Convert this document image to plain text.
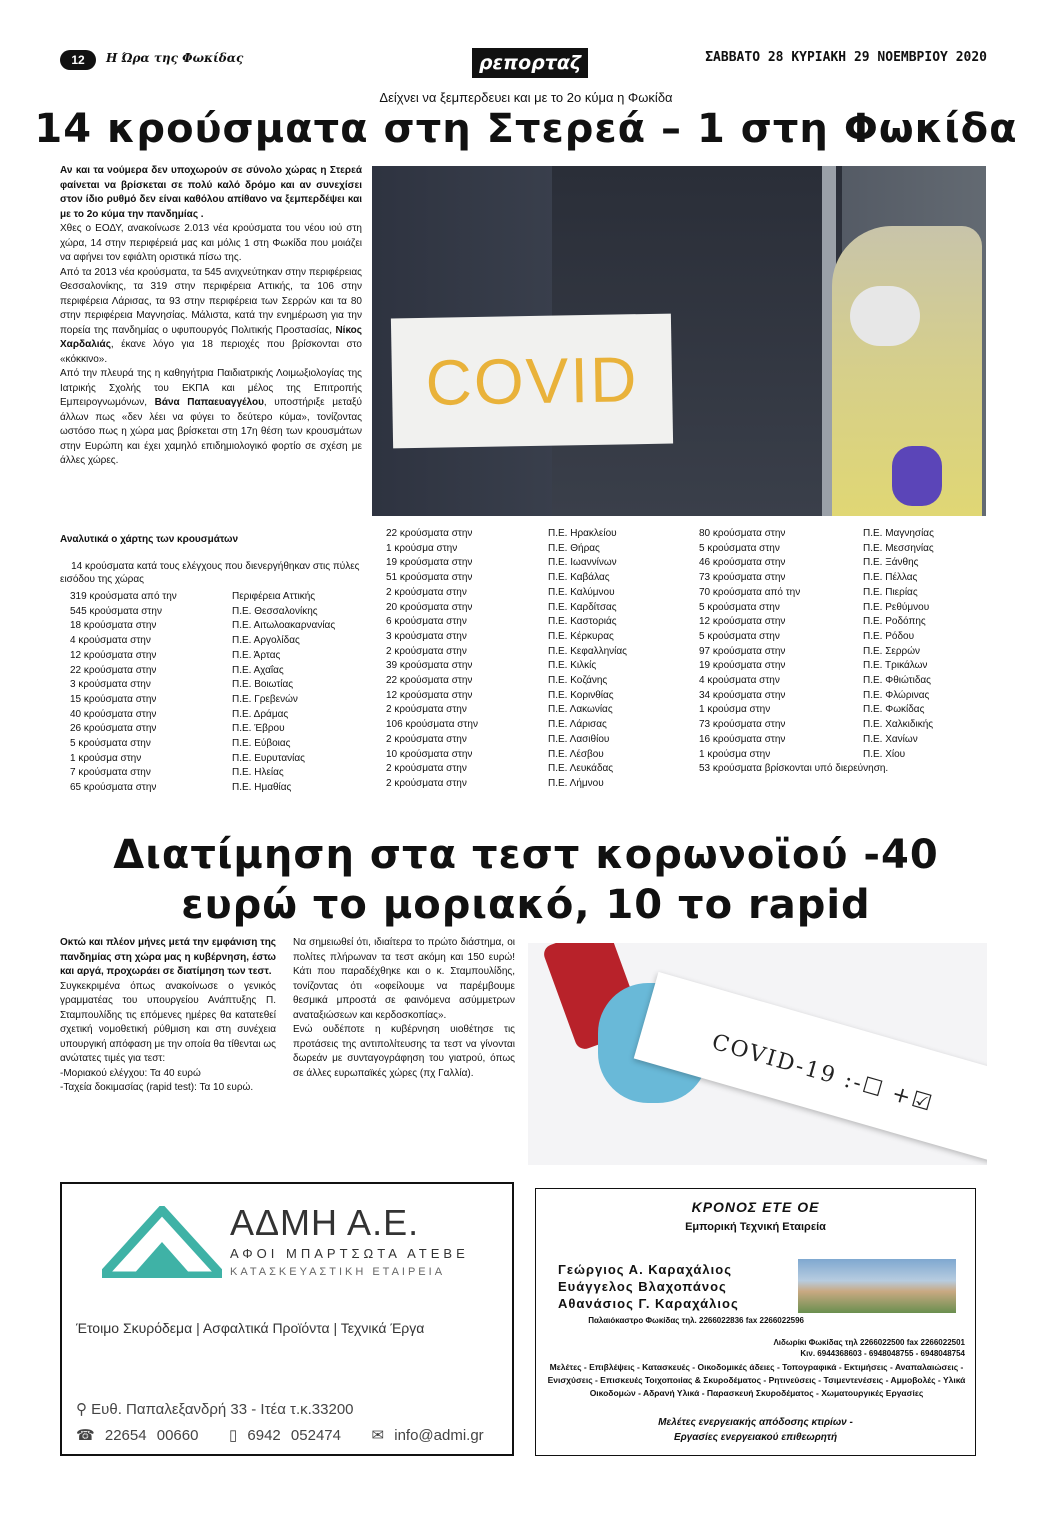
12	Η Ώρα της Φωκίδας	ρεπορταζ	ΣΑΒΒΑΤΟ 28 ΚΥΡΙΑΚΗ 29 ΝΟΕΜΒΡΙΟΥ 2020
Δείχνει να ξεμπερδευει και με το 2ο κύμα η Φωκίδα
14 κρούσματα στη Στερεά – 1 στη Φωκίδα

Αν και τα νούμερα δεν υποχωρούν σε σύνολο χώρας η Στερεά φαίνεται να βρίσκεται σε πολύ καλό δρόμο και αν συνεχίσει στον ίδιο ρυθμό δεν είναι καθόλου απίθανο να ξεμπερδέψει και με το 2ο κύμα την πανδημίας .

Χθες ο ΕΟΔΥ, ανακοίνωσε 2.013 νέα κρούσματα του νέου ιού στη χώρα, 14 στην περιφέρειά μας και μόλις 1 στη Φωκίδα που μοιάζει να αφήνει τον εφιάλτη οριστικά πίσω της.

Από τα 2013 νέα κρούσματα, τα 545 ανιχνεύτηκαν στην περιφέρειας Θεσσαλονίκης, τα 319 στην περιφέρεια Αττικής, τα 106 στην περιφέρεια Λάρισας, τα 93 στην περιφέρεια των Σερρών και τα 80 στην περιφέρεια Μαγνησίας. Μάλιστα, κατά την ενημέρωση για την πορεία της πανδημίας ο υφυπουργός Πολιτικής Προστασίας, Νίκος Χαρδαλιάς, έκανε λόγο για 18 περιοχές που βρίσκονται στο «κόκκινο».

Από την πλευρά της η καθηγήτρια Παιδιατρικής Λοιμωξιολογίας της Ιατρικής Σχολής του ΕΚΠΑ και μέλος της Επιτροπής Εμπειρογνωμόνων, Βάνα Παπαευαγγέλου, υποστήριξε μεταξύ άλλων πως «δεν λέει να φύγει το δεύτερο κύμα», τονίζοντας ωστόσο πως η χώρα μας βρίσκεται στη 17η θέση των κρουσμάτων στην Ευρώπη και έχει χαμηλό επιδημιολογικό φορτίο σε σχέση με άλλες χώρες.

COVID
Αναλυτικά ο χάρτης των κρουσμάτων
14 κρούσματα κατά τους ελέγχους που διενεργήθηκαν στις πύλες εισόδου της χώρας
319 κρούσματα από την	Περιφέρεια Αττικής
545 κρούσματα στην	Π.Ε. Θεσσαλονίκης
18 κρούσματα στην	Π.Ε. Αιτωλοακαρνανίας
4 κρούσματα στην	Π.Ε. Αργολίδας
12 κρούσματα στην	Π.Ε. Άρτας
22 κρούσματα στην	Π.Ε. Αχαΐας
3 κρούσματα στην	Π.Ε. Βοιωτίας
15 κρούσματα στην	Π.Ε. Γρεβενών
40 κρούσματα στην	Π.Ε. Δράμας
26 κρούσματα στην	Π.Ε. Έβρου
5 κρούσματα στην	Π.Ε. Εύβοιας
1 κρούσμα στην	Π.Ε. Ευρυτανίας
7 κρούσματα στην	Π.Ε. Ηλείας
65 κρούσματα στην	Π.Ε. Ημαθίας
22 κρούσματα στην	Π.Ε. Ηρακλείου
1 κρούσμα στην	Π.Ε. Θήρας
19 κρούσματα στην	Π.Ε. Ιωαννίνων
51 κρούσματα στην	Π.Ε. Καβάλας
2 κρούσματα στην	Π.Ε. Καλύμνου
20 κρούσματα στην	Π.Ε. Καρδίτσας
6 κρούσματα στην	Π.Ε. Καστοριάς
3 κρούσματα στην	Π.Ε. Κέρκυρας
2 κρούσματα στην	Π.Ε. Κεφαλληνίας
39 κρούσματα στην	Π.Ε. Κιλκίς
22 κρούσματα στην	Π.Ε. Κοζάνης
12 κρούσματα στην	Π.Ε. Κορινθίας
2 κρούσματα στην	Π.Ε. Λακωνίας
106 κρούσματα στην	Π.Ε. Λάρισας
2 κρούσματα στην	Π.Ε. Λασιθίου
10 κρούσματα στην	Π.Ε. Λέσβου
2 κρούσματα στην	Π.Ε. Λευκάδας
2 κρούσματα στην	Π.Ε. Λήμνου
80 κρούσματα στην	Π.Ε. Μαγνησίας
5 κρούσματα στην	Π.Ε. Μεσσηνίας
46 κρούσματα στην	Π.Ε. Ξάνθης
73 κρούσματα στην	Π.Ε. Πέλλας
70 κρούσματα από την	Π.Ε. Πιερίας
5 κρούσματα στην	Π.Ε. Ρεθύμνου
12 κρούσματα στην	Π.Ε. Ροδόπης
5 κρούσματα στην	Π.Ε. Ρόδου
97 κρούσματα στην	Π.Ε. Σερρών
19 κρούσματα στην	Π.Ε. Τρικάλων
4 κρούσματα στην	Π.Ε. Φθιώτιδας
34 κρούσματα στην	Π.Ε. Φλώρινας
1 κρούσμα στην	Π.Ε. Φωκίδας
73 κρούσματα στην	Π.Ε. Χαλκιδικής
16 κρούσματα στην	Π.Ε. Χανίων
1 κρούσμα στην	Π.Ε. Χίου
53 κρούσματα βρίσκονται υπό διερεύνηση.
Διατίμηση στα τεστ κορωνοϊού -40
ευρώ το μοριακό, 10 το rapid

Οκτώ και πλέον μήνες μετά την εμφάνιση της πανδημίας στη χώρα μας η κυβέρνηση, έστω και αργά, προχωράει σε διατίμηση των τεστ.

Συγκεκριμένα όπως ανακοίνωσε ο γενικός γραμματέας του υπουργείου Ανάπτυξης Π. Σταμπουλίδης τις επόμενες ημέρες θα κατατεθεί σχετική νομοθετική ρύθμιση και στη συνέχεια υπουργική απόφαση με την οποία θα τίθενται ως ανώτατες τιμές για τεστ:

-Μοριακού ελέγχου: Τα 40 ευρώ

-Ταχεία δοκιμασίας (rapid test): Τα 10 ευρώ.

Να σημειωθεί ότι, ιδιαίτερα το πρώτο διάστημα, οι πολίτες πλήρωναν τα τεστ ακόμη και 150 ευρώ! Κάτι που παραδέχθηκε και ο κ. Σταμπουλίδης, τονίζοντας ότι «οφείλουμε να παρέμβουμε θεσμικά μπροστά σε φαινόμενα ασύμμετρων αναταξιώσεων και κερδοσκοπίας».

Ενώ ουδέποτε η κυβέρνηση υιοθέτησε τις προτάσεις της αντιπολίτευσης τα τεστ να γίνονται δωρεάν με συνταγογράφηση του γιατρού, όπως σε άλλες ευρωπαϊκές χώρες (πχ Γαλλία).	COVID-19 :-☐ +☑
ΑΔΜΗ Α.Ε.
ΑΦΟΙ ΜΠΑΡΤΣΩΤΑ ΑΤΕΒΕ
ΚΑΤΑΣΚΕΥΑΣΤΙΚΗ ΕΤΑΙΡΕΙΑ
Έτοιμο Σκυρόδεμα | Ασφαλτικά Προϊόντα | Τεχνικά Έργα
⚲ Ευθ. Παπαλεξανδρή 33 - Ιτέα τ.κ.33200
☎ 22654 00660 ▯ 6942 052474 ✉ info@admi.gr
ΚΡΟΝΟΣ ΕΤΕ ΟΕ
Εμπορική Τεχνική Εταιρεία
Γεώργιος Α. Καραχάλιος
Ευάγγελος Βλαχοπάνος
Αθανάσιος Γ. Καραχάλιος
Παλαιόκαστρο Φωκίδας τηλ. 2266022836 fax 2266022596
Λιδωρίκι Φωκίδας τηλ 2266022500 fax 2266022501
Κιν. 6944368603 - 6948048755 - 6948048754
Μελέτες - Επιβλέψεις - Κατασκευές - Οικοδομικές άδειες - Τοπογραφικά - Εκτιμήσεις - Αναπαλαιώσεις - Ενισχύσεις - Επισκευές Τοιχοποιίας & Σκυροδέματος - Ρητινεύσεις - Τσιμεντενέσεις - Αμμοβολές - Υλικά Οικοδομών - Αδρανή Υλικά - Παρασκευή Σκυροδέματος - Χωματουργικές Εργασίες
Μελέτες ενεργειακής απόδοσης κτιρίων -
Εργασίες ενεργειακού επιθεωρητή
